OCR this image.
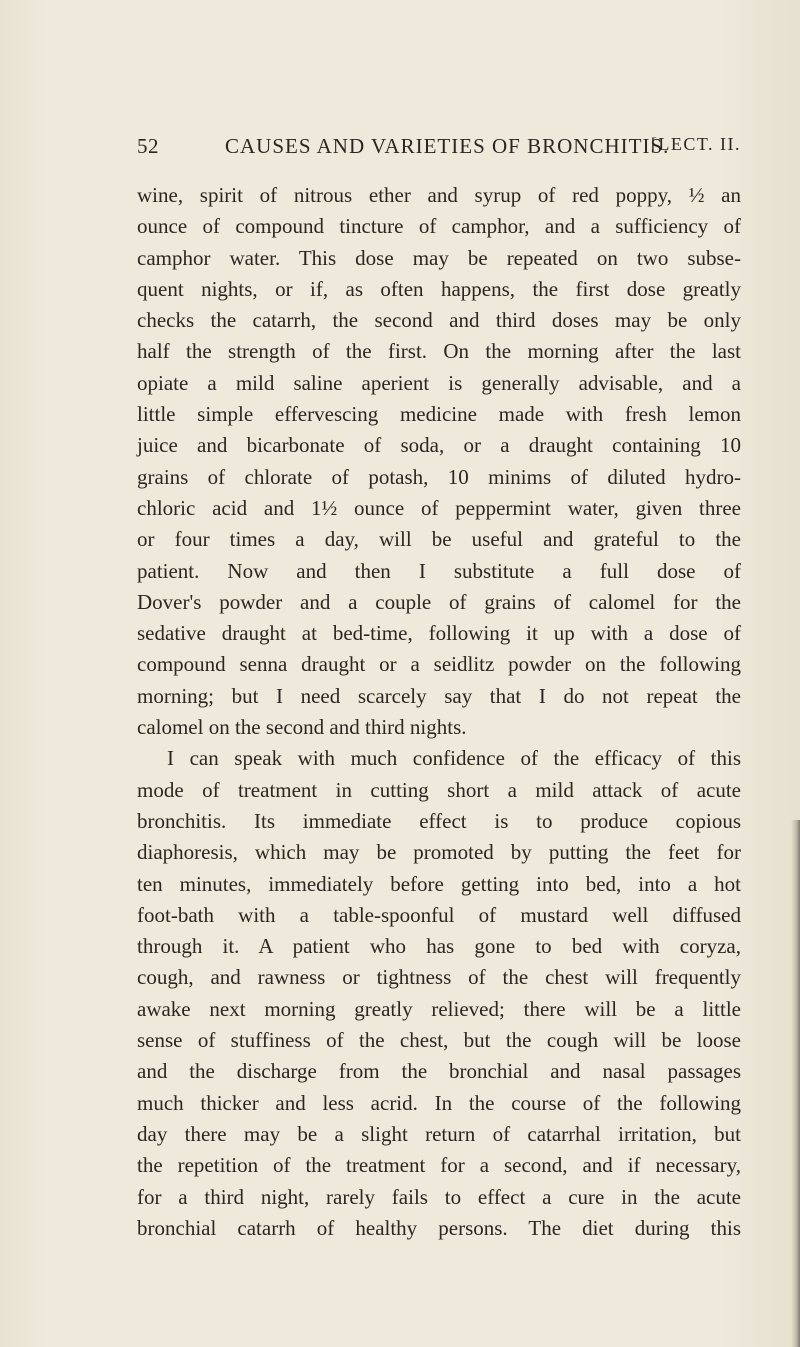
52	CAUSES AND VARIETIES OF BRONCHITIS.
[LECT. II.
wine, spirit of nitrous ether and syrup of red poppy, ½ an
ounce of compound tincture of camphor, and a sufficiency of
camphor water. This dose may be repeated on two subse-
quent nights, or if, as often happens, the first dose greatly
checks the catarrh, the second and third doses may be only
half the strength of the first. On the morning after the last
opiate a mild saline aperient is generally advisable, and a
little simple effervescing medicine made with fresh lemon
juice and bicarbonate of soda, or a draught containing 10
grains of chlorate of potash, 10 minims of diluted hydro-
chloric acid and 1½ ounce of peppermint water, given three
or four times a day, will be useful and grateful to the
patient. Now and then I substitute a full dose of
Dover's powder and a couple of grains of calomel for the
sedative draught at bed-time, following it up with a dose of
compound senna draught or a seidlitz powder on the following
morning; but I need scarcely say that I do not repeat the
calomel on the second and third nights.
I can speak with much confidence of the efficacy of this
mode of treatment in cutting short a mild attack of acute
bronchitis. Its immediate effect is to produce copious
diaphoresis, which may be promoted by putting the feet for
ten minutes, immediately before getting into bed, into a hot
foot-bath with a table-spoonful of mustard well diffused
through it. A patient who has gone to bed with coryza,
cough, and rawness or tightness of the chest will frequently
awake next morning greatly relieved; there will be a little
sense of stuffiness of the chest, but the cough will be loose
and the discharge from the bronchial and nasal passages
much thicker and less acrid. In the course of the following
day there may be a slight return of catarrhal irritation, but
the repetition of the treatment for a second, and if necessary,
for a third night, rarely fails to effect a cure in the acute
bronchial catarrh of healthy persons. The diet during this
